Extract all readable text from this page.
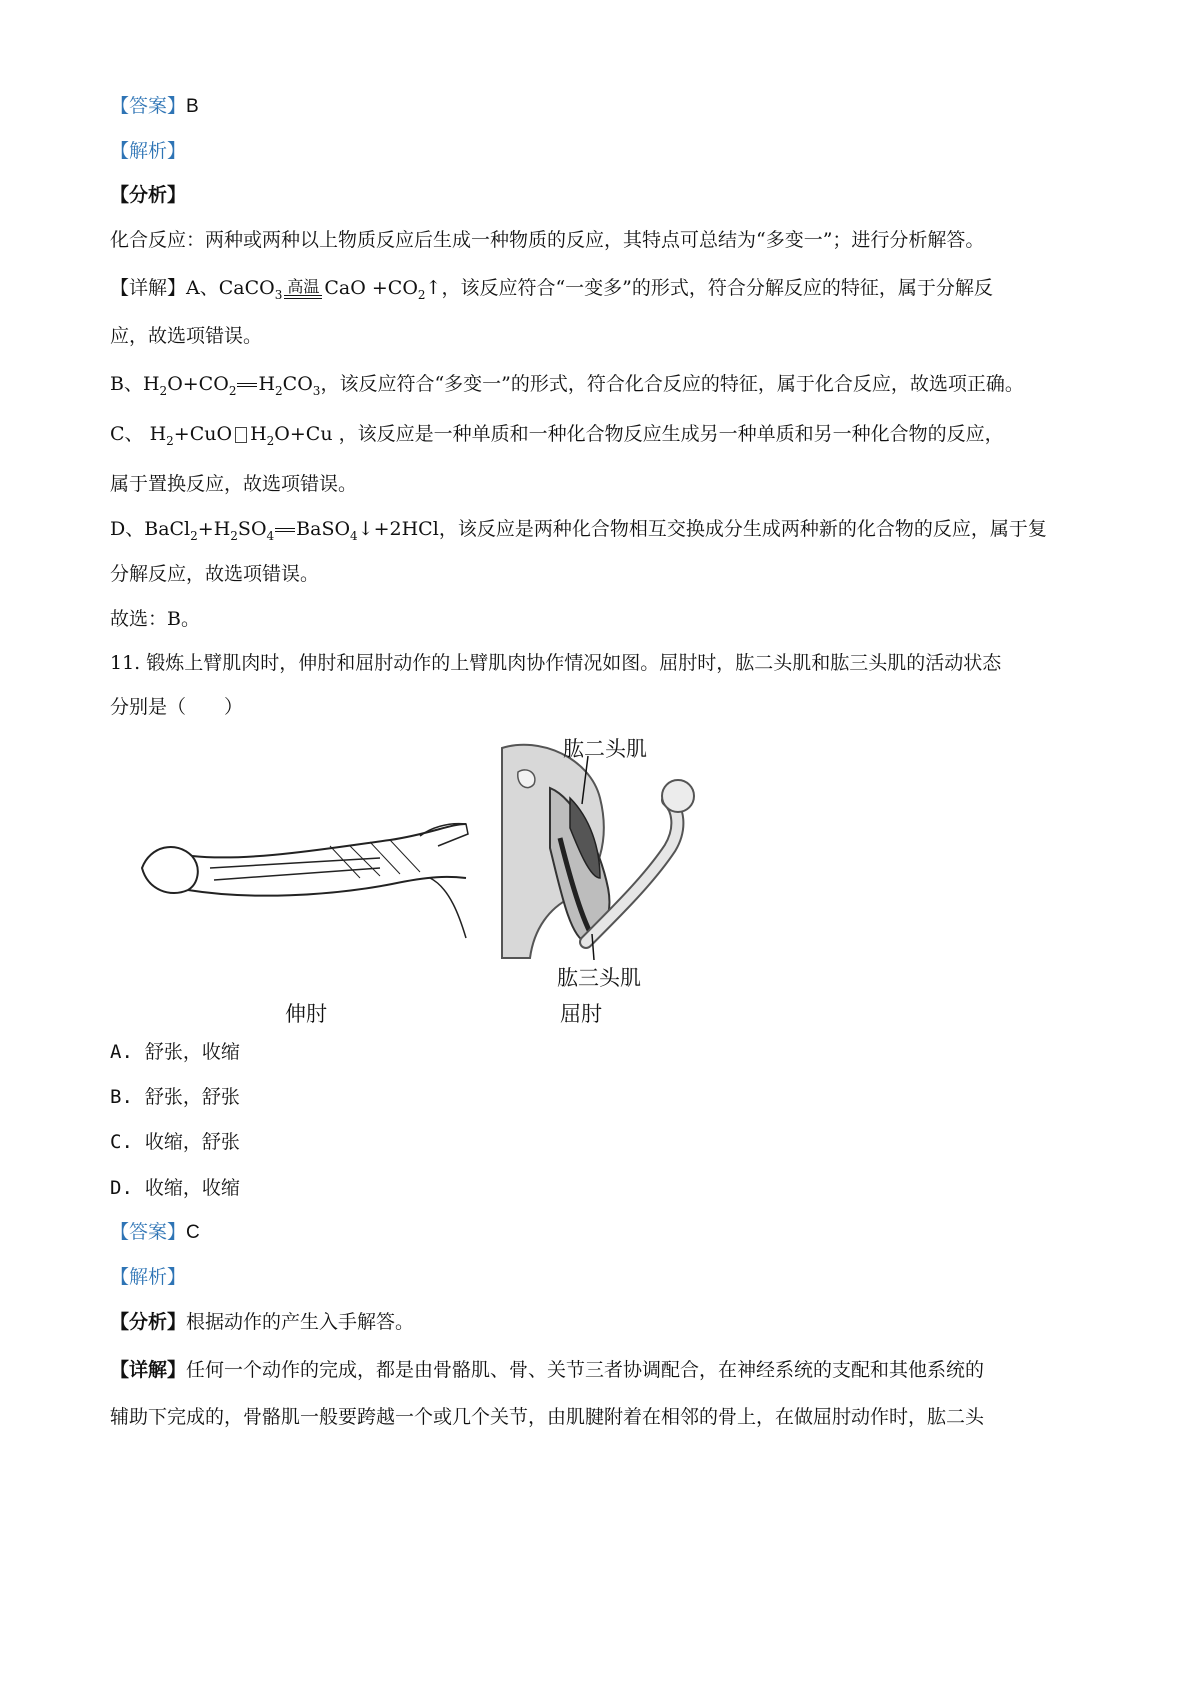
【答案】B
【解析】
【分析】
化合反应：两种或两种以上物质反应后生成一种物质的反应，其特点可总结为“多变一”；进行分析解答。
【详解】A、CaCO$_3$ 高温 CaO $+CO_2↑$，该反应符合“一变多”的形式，符合分解反应的特征，属于分解反
应，故选项错误。
B、$H_2O+CO_2$ $H_2CO_3$，该反应符合“多变一”的形式，符合化合反应的特征，属于化合反应，故选项正确。
C、 $H_2+CuO$ $H_2O+Cu$ ，该反应是一种单质和一种化合物反应生成另一种单质和另一种化合物的反应，
属于置换反应，故选项错误。
D、$BaCl_2+H_2SO_4$ BaSO$_4$↓+2HCl，该反应是两种化合物相互交换成分生成两种新的化合物的反应，属于复
分解反应，故选项错误。
故选：B。
11. 锻炼上臂肌肉时，伸肘和屈肘动作的上臂肌肉协作情况如图。屈肘时，肱二头肌和肱三头肌的活动状态
分别是（　　）
肱二头肌
肱三头肌
伸肘	屈肘
A. 舒张，收缩
B. 舒张，舒张
C. 收缩，舒张
D. 收缩，收缩
【答案】C
【解析】
【分析】根据动作的产生入手解答。
【详解】任何一个动作的完成，都是由骨骼肌、骨、关节三者协调配合，在神经系统的支配和其他系统的
辅助下完成的，骨骼肌一般要跨越一个或几个关节，由肌腱附着在相邻的骨上，在做屈肘动作时，肱二头
